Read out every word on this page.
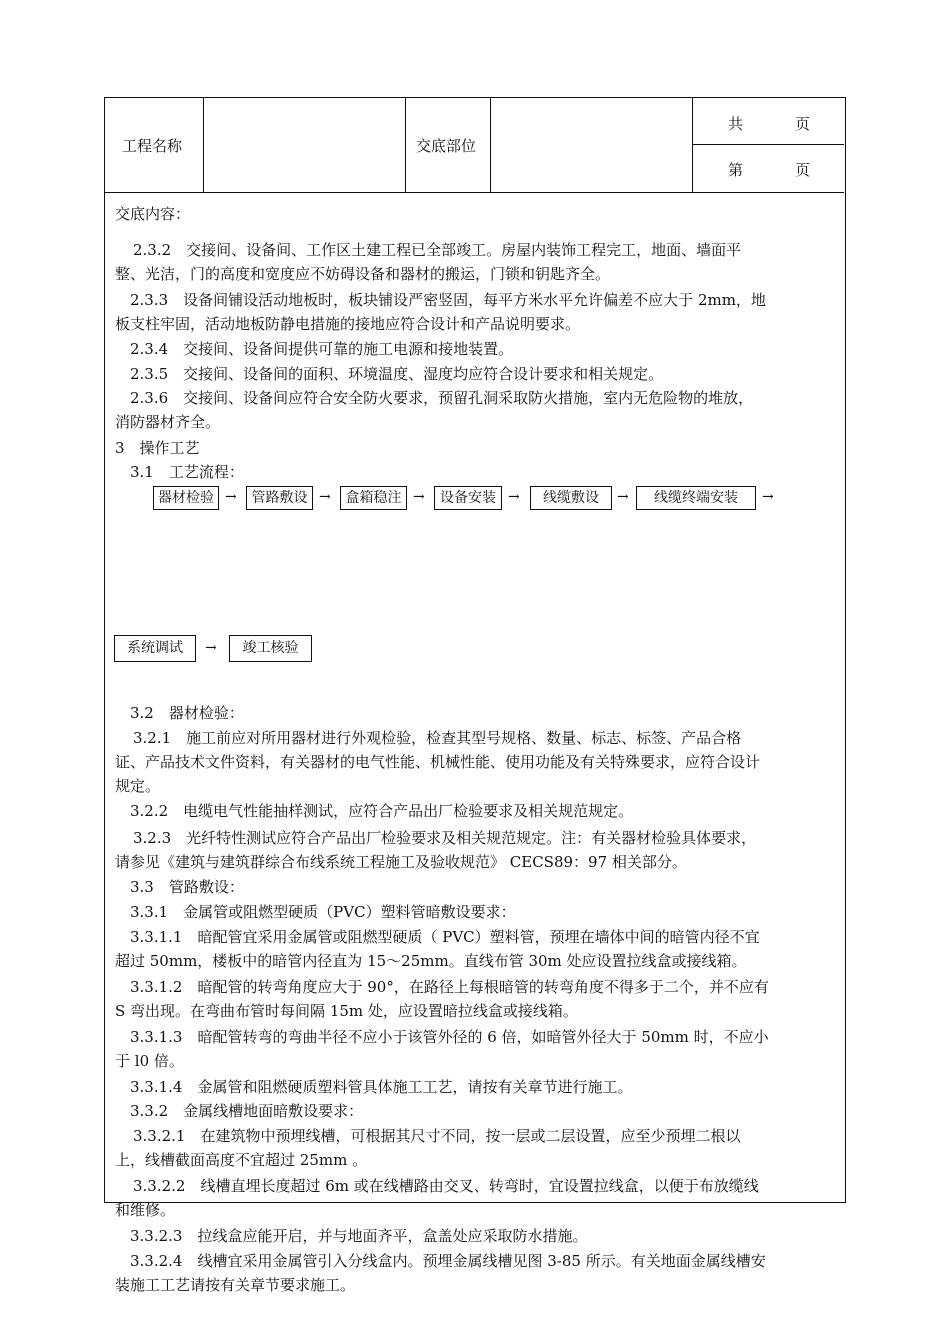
工程名称	交底部位
共	页
第	页
交底内容：
2.3.2　交接间、设备间、工作区土建工程已全部竣工。房屋内装饰工程完工，地面、墙面平
整、光洁，门的高度和宽度应不妨碍设备和器材的搬运，门锁和钥匙齐全。
2.3.3　设备间铺设活动地板时，板块铺设严密竖固，每平方米水平允许偏差不应大于 2mm，地
板支柱牢固，活动地板防静电措施的接地应符合设计和产品说明要求。
2.3.4　交接间、设备间提供可靠的施工电源和接地装置。
2.3.5　交接间、设备间的面积、环境温度、湿度均应符合设计要求和相关规定。
2.3.6　交接间、设备间应符合安全防火要求，预留孔洞采取防火措施，室内无危险物的堆放，
消防器材齐全。
3　操作工艺
3.1　工艺流程：
器材检验 →	管路敷设 →	盒箱稳注 →	设备安装 →	线缆敷设	→	线缆终端安装	→
系统调试	→	竣工核验
3.2　器材检验：
3.2.1　施工前应对所用器材进行外观检验，检查其型号规格、数量、标志、标签、产品合格
证、产品技术文件资料，有关器材的电气性能、机械性能、使用功能及有关特殊要求，应符合设计
规定。
3.2.2　电缆电气性能抽样测试，应符合产品出厂检验要求及相关规范规定。
3.2.3　光纤特性测试应符合产品出厂检验要求及相关规范规定。注：有关器材检验具体要求，
请参见《建筑与建筑群综合布线系统工程施工及验收规范》 CECS89：97 相关部分。
3.3　管路敷设：
3.3.1　金属管或阻燃型硬质（PVC）塑料管暗敷设要求：
3.3.1.1　暗配管宜采用金属管或阻燃型硬质（ PVC）塑料管，预埋在墙体中间的暗管内径不宜
超过 50mm，楼板中的暗管内径直为 15～25mm。直线布管 30m 处应设置拉线盒或接线箱。
3.3.1.2　暗配管的转弯角度应大于 90°，在路径上每根暗管的转弯角度不得多于二个，并不应有
S 弯出现。在弯曲布管时每间隔 15m 处，应设置暗拉线盒或接线箱。
3.3.1.3　暗配管转弯的弯曲半径不应小于该管外径的 6 倍，如暗管外径大于 50mm 时，不应小
于 l0 倍。
3.3.1.4　金属管和阻燃硬质塑料管具体施工工艺，请按有关章节进行施工。
3.3.2　金属线槽地面暗敷设要求：
3.3.2.1　在建筑物中预埋线槽，可根据其尺寸不同，按一层或二层设置，应至少预埋二根以
上，线槽截面高度不宜超过 25mm 。
3.3.2.2　线槽直埋长度超过 6m 或在线槽路由交叉、转弯时，宜设置拉线盒，以便于布放缆线
和维修。
3.3.2.3　拉线盒应能开启，并与地面齐平，盒盖处应采取防水措施。
3.3.2.4　线槽宜采用金属管引入分线盒内。预埋金属线槽见图 3-85 所示。有关地面金属线槽安
装施工工艺请按有关章节要求施工。
